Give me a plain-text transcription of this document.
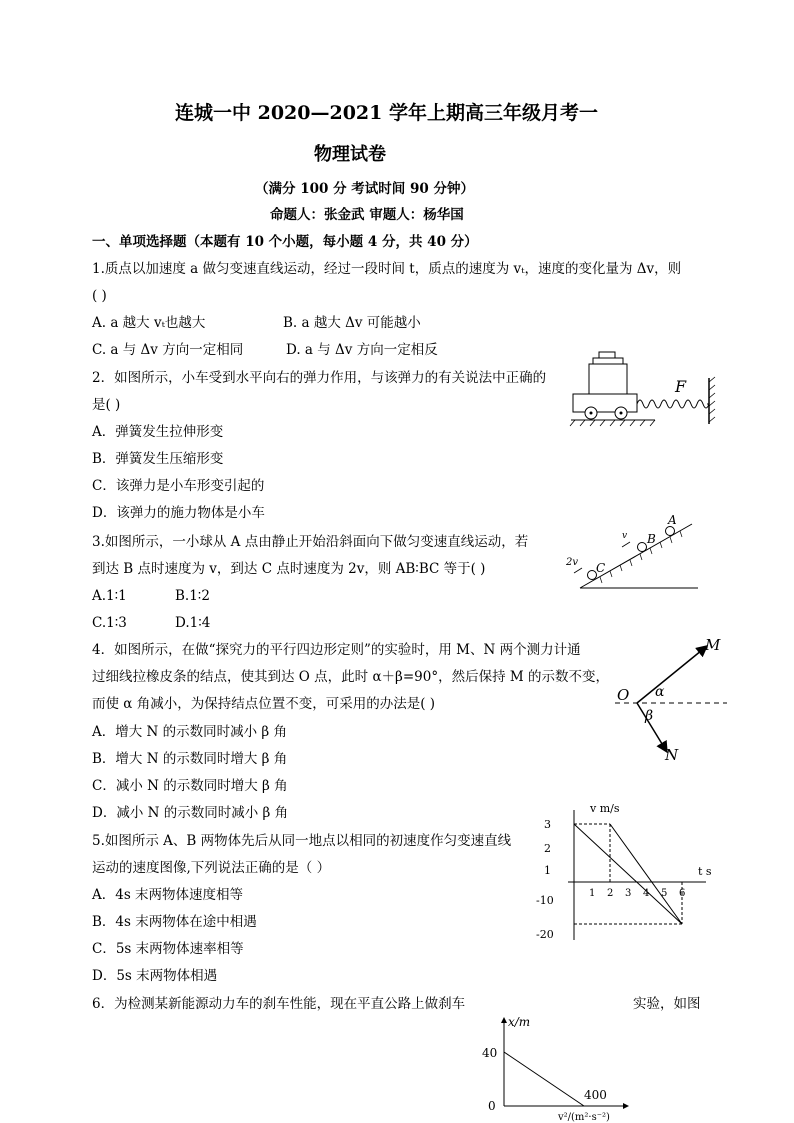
连城一中 2020—2021 学年上期高三年级月考一
物理试卷
（满分 100 分 考试时间 90 分钟）
命题人：张金武 审题人：杨华国
一、单项选择题（本题有 10 个小题，每小题 4 分，共 40 分）
1.质点以加速度 a 做匀变速直线运动，经过一段时间 t，质点的速度为 vₜ，速度的变化量为 Δv，则
( )
A. a 越大 vₜ也越大	B. a 越大 Δv 可能越小
C. a 与 Δv 方向一定相同	D. a 与 Δv 方向一定相反
2．如图所示，小车受到水平向右的弹力作用，与该弹力的有关说法中正确的
是( )
A．弹簧发生拉伸形变
B．弹簧发生压缩形变
C．该弹力是小车形变引起的
D．该弹力的施力物体是小车
F
3.如图所示，一小球从 A 点由静止开始沿斜面向下做匀变速直线运动，若
到达 B 点时速度为 v，到达 C 点时速度为 2v，则 AB∶BC 等于( )
A.1∶1	B.1∶2
C.1∶3	D.1∶4
A
B
C
v
2v
4．如图所示，在做“探究力的平行四边形定则”的实验时，用 M、N 两个测力计通
过细线拉橡皮条的结点，使其到达 O 点，此时 α＋β=90°，然后保持 M 的示数不变，
而使 α 角减小，为保持结点位置不变，可采用的办法是( )
A．增大 N 的示数同时减小 β 角
B．增大 N 的示数同时增大 β 角
C．减小 N 的示数同时增大 β 角
D．减小 N 的示数同时减小 β 角
O
M
N
α
β
5.如图所示 A、B 两物体先后从同一地点以相同的初速度作匀变速直线
运动的速度图像,下列说法正确的是（ ）
A．4s 末两物体速度相等
B．4s 末两物体在途中相遇
C．5s 末两物体速率相等
D．5s 末两物体相遇
v m/s
t s
3
2
1
-10
-20
1 2 3 4 5 6
6．为检测某新能源动力车的刹车性能，现在平直公路上做刹车	实验，如图
x/m
40
0
400
v²/(m²·s⁻²)
